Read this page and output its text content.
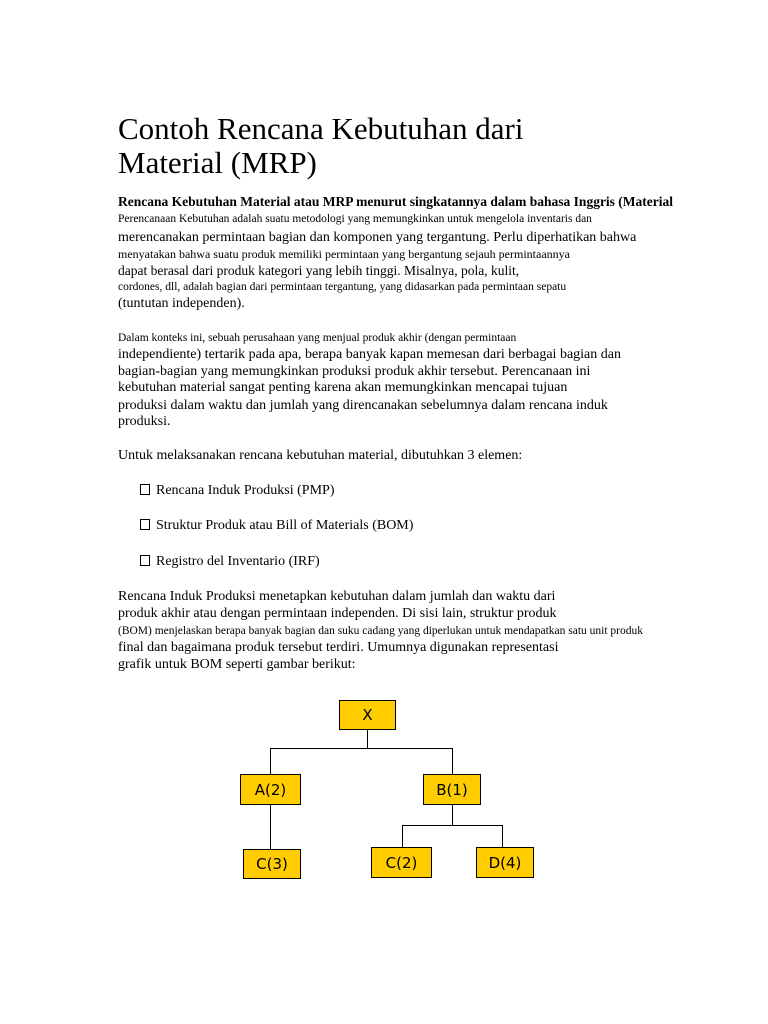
Contoh Rencana Kebutuhan dari
Material (MRP)
Rencana Kebutuhan Material atau MRP menurut singkatannya dalam bahasa Inggris (Material
Perencanaan Kebutuhan adalah suatu metodologi yang memungkinkan untuk mengelola inventaris dan
merencanakan permintaan bagian dan komponen yang tergantung. Perlu diperhatikan bahwa
menyatakan bahwa suatu produk memiliki permintaan yang bergantung sejauh permintaannya
dapat berasal dari produk kategori yang lebih tinggi. Misalnya, pola, kulit,
cordones, dll, adalah bagian dari permintaan tergantung, yang didasarkan pada permintaan sepatu
(tuntutan independen).
Dalam konteks ini, sebuah perusahaan yang menjual produk akhir (dengan permintaan
independiente) tertarik pada apa, berapa banyak kapan memesan dari berbagai bagian dan
bagian-bagian yang memungkinkan produksi produk akhir tersebut. Perencanaan ini
kebutuhan material sangat penting karena akan memungkinkan mencapai tujuan
produksi dalam waktu dan jumlah yang direncanakan sebelumnya dalam rencana induk
produksi.
Untuk melaksanakan rencana kebutuhan material, dibutuhkan 3 elemen:
Rencana Induk Produksi (PMP)
Struktur Produk atau Bill of Materials (BOM)
Registro del Inventario (IRF)
Rencana Induk Produksi menetapkan kebutuhan dalam jumlah dan waktu dari
produk akhir atau dengan permintaan independen. Di sisi lain, struktur produk
(BOM) menjelaskan berapa banyak bagian dan suku cadang yang diperlukan untuk mendapatkan satu unit produk
final dan bagaimana produk tersebut terdiri. Umumnya digunakan representasi
grafik untuk BOM seperti gambar berikut:
X
A(2)	B(1)
C(3)	C(2)	D(4)
